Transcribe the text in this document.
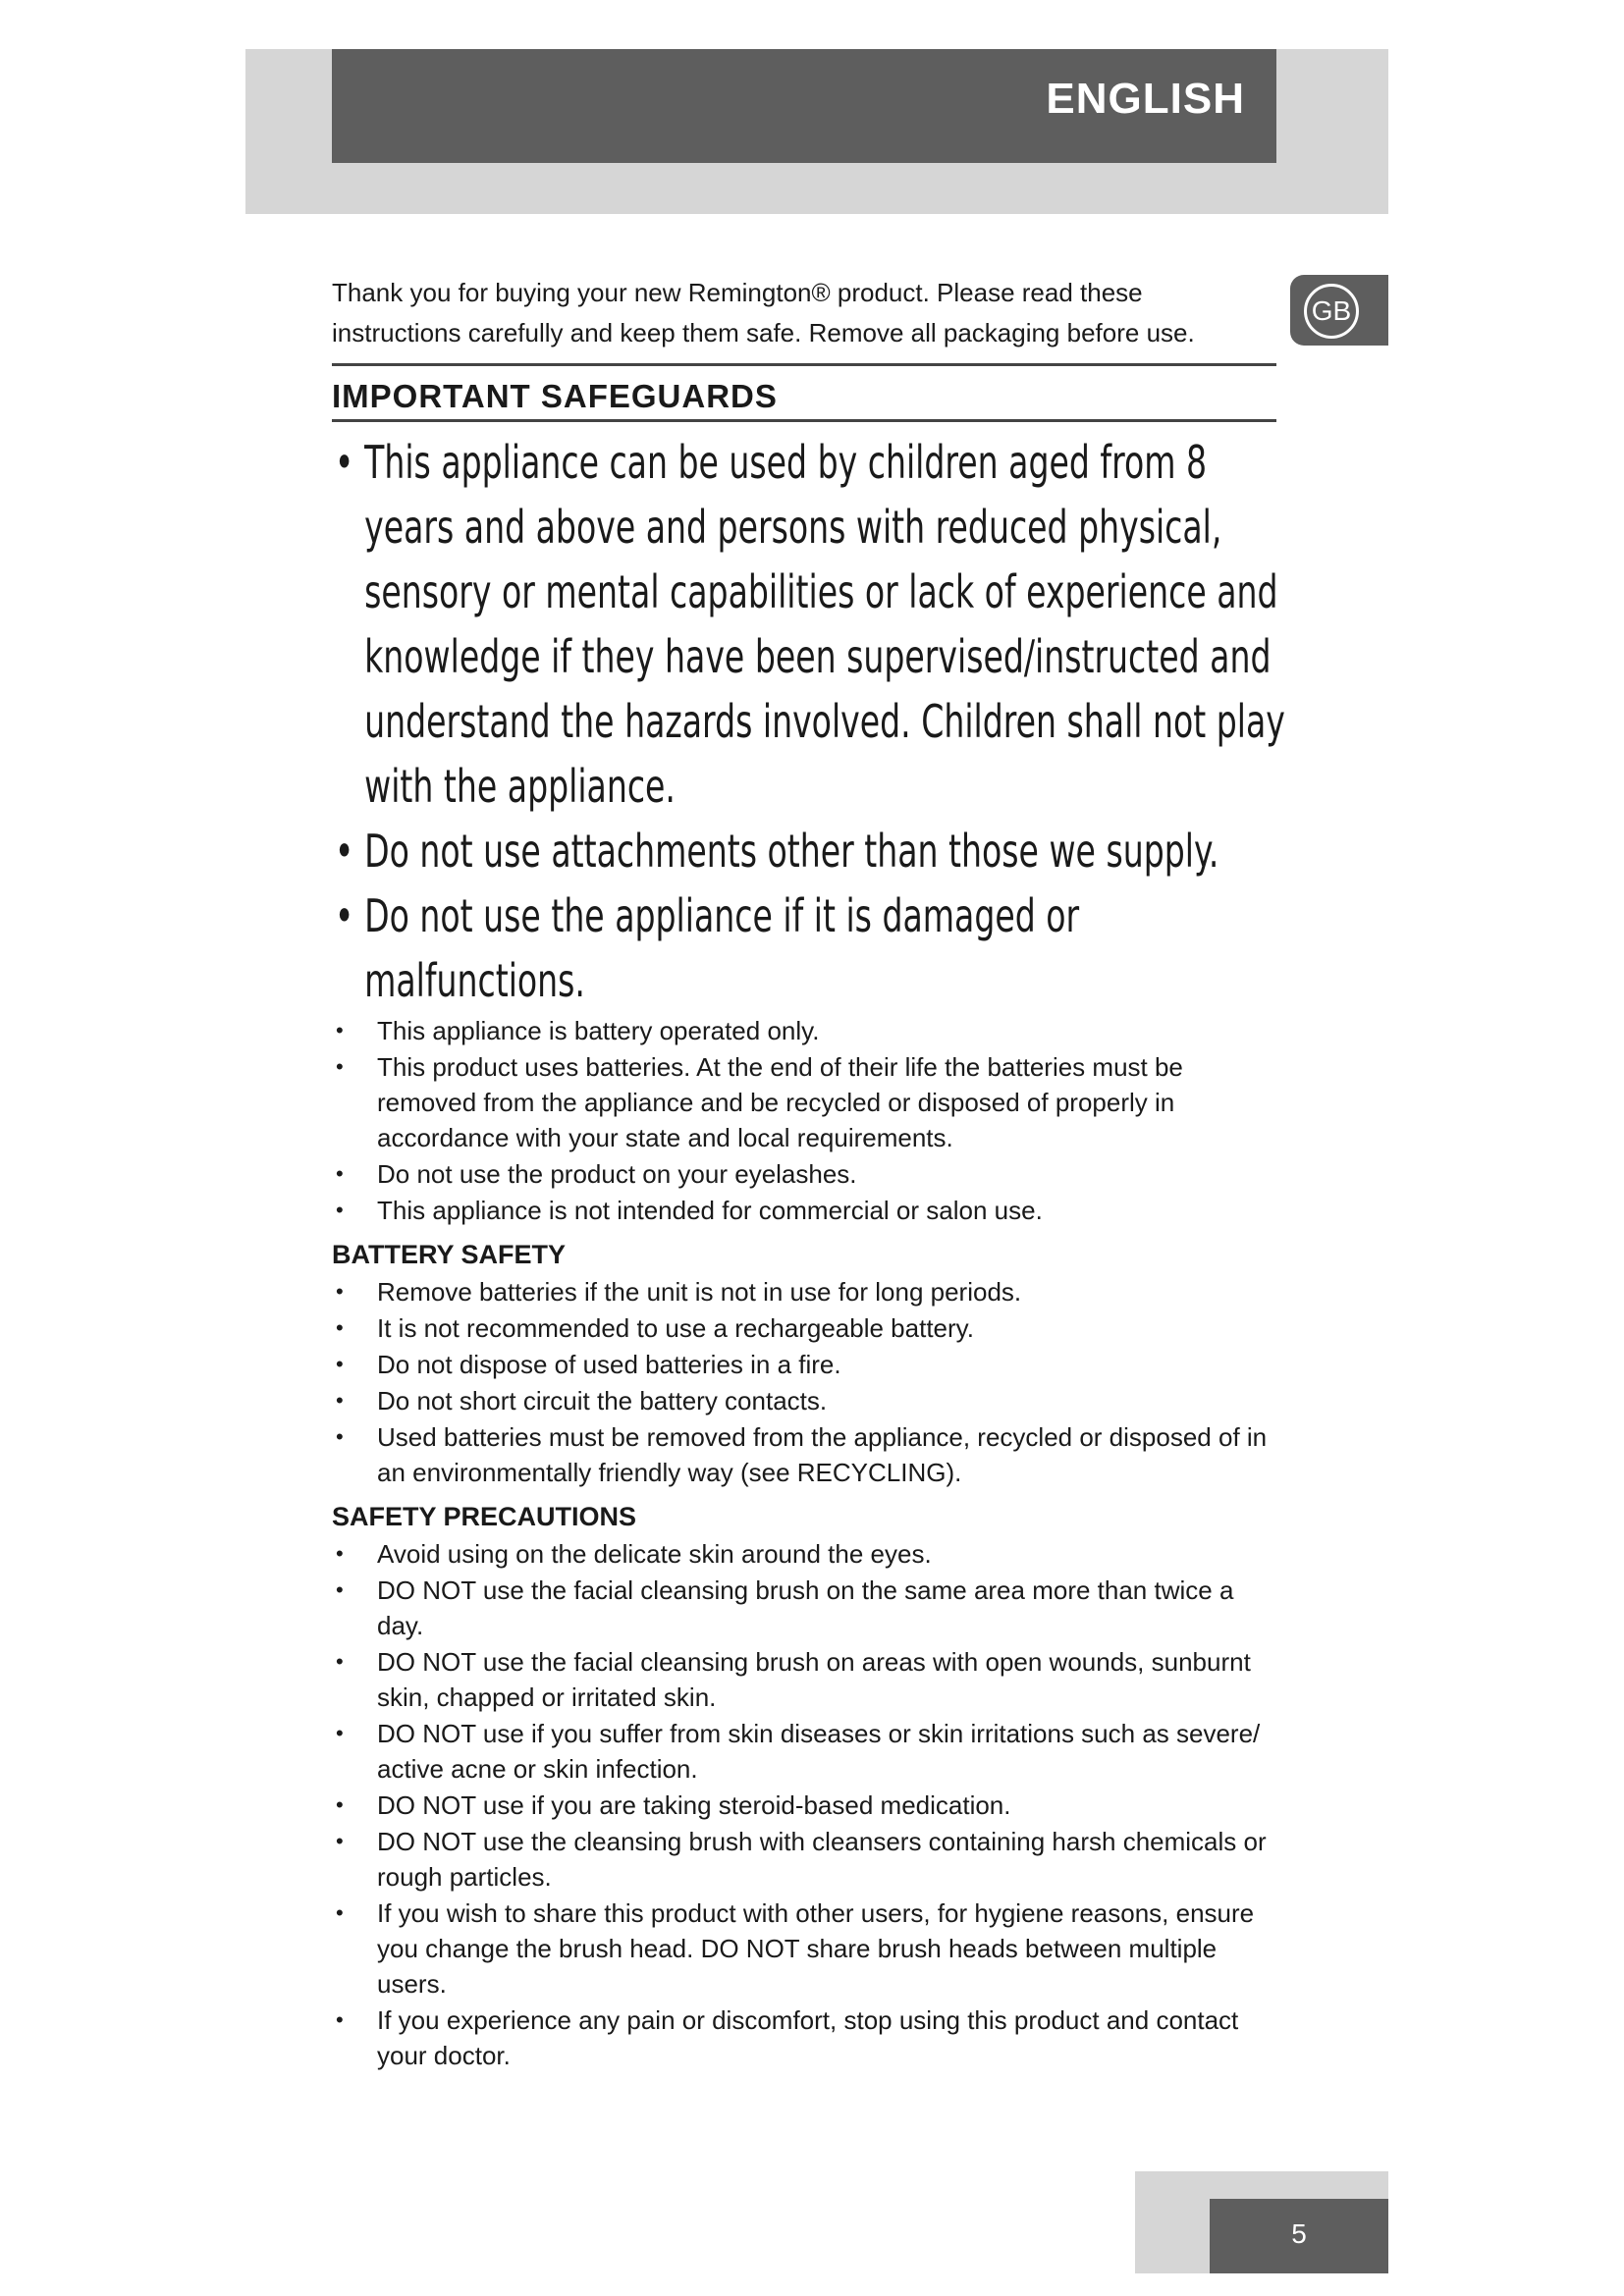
ENGLISH
GB

Thank you for buying your new Remington® product. Please read these instructions carefully and keep them safe. Remove all packaging before use.

IMPORTANT SAFEGUARDS
• This appliance can be used by children aged from 8 years and above and persons with reduced physical, sensory or mental capabilities or lack of experience and knowledge if they have been supervised/instructed and understand the hazards involved. Children shall not play with the appliance.
• Do not use attachments other than those we supply.
• Do not use the appliance if it is damaged or malfunctions.
• This appliance is battery operated only.
• This product uses batteries. At the end of their life the batteries must be removed from the appliance and be recycled or disposed of properly in accordance with your state and local requirements.
• Do not use the product on your eyelashes.
• This appliance is not intended for commercial or salon use.
BATTERY SAFETY
• Remove batteries if the unit is not in use for long periods.
• It is not recommended to use a rechargeable battery.
• Do not dispose of used batteries in a fire.
• Do not short circuit the battery contacts.
• Used batteries must be removed from the appliance, recycled or disposed of in an environmentally friendly way (see RECYCLING).
SAFETY PRECAUTIONS
• Avoid using on the delicate skin around the eyes.
• DO NOT use the facial cleansing brush on the same area more than twice a day.
• DO NOT use the facial cleansing brush on areas with open wounds, sunburnt skin, chapped or irritated skin.
• DO NOT use if you suffer from skin diseases or skin irritations such as severe/ active acne or skin infection.
• DO NOT use if you are taking steroid-based medication.
• DO NOT use the cleansing brush with cleansers containing harsh chemicals or rough particles.
• If you wish to share this product with other users, for hygiene reasons, ensure you change the brush head. DO NOT share brush heads between multiple users.
• If you experience any pain or discomfort, stop using this product and contact your doctor.
5
